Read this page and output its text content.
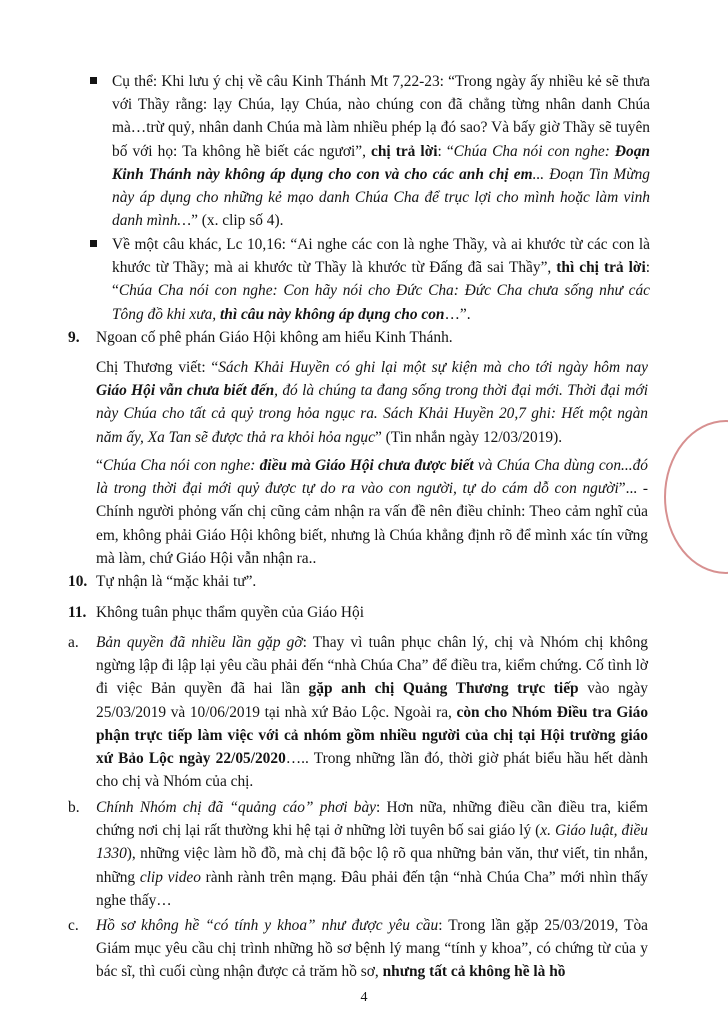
Cụ thể: Khi lưu ý chị về câu Kinh Thánh Mt 7,22-23: “Trong ngày ấy nhiều kẻ sẽ thưa với Thầy rằng: lạy Chúa, lạy Chúa, nào chúng con đã chẳng từng nhân danh Chúa mà…trừ quỷ, nhân danh Chúa mà làm nhiều phép lạ đó sao? Và bấy giờ Thầy sẽ tuyên bố với họ: Ta không hề biết các ngươi”, chị trả lời: “Chúa Cha nói con nghe: Đoạn Kinh Thánh này không áp dụng cho con và cho các anh chị em... Đoạn Tin Mừng này áp dụng cho những kẻ mạo danh Chúa Cha để trục lợi cho mình hoặc làm vinh danh mình…” (x. clip số 4).
Về một câu khác, Lc 10,16: “Ai nghe các con là nghe Thầy, và ai khước từ các con là khước từ Thầy; mà ai khước từ Thầy là khước từ Đấng đã sai Thầy”, thì chị trả lời: “Chúa Cha nói con nghe: Con hãy nói cho Đức Cha: Đức Cha chưa sống như các Tông đồ khi xưa, thì câu này không áp dụng cho con…”.
9. Ngoan cố phê phán Giáo Hội không am hiểu Kinh Thánh.
Chị Thương viết: “Sách Khải Huyền có ghi lại một sự kiện mà cho tới ngày hôm nay Giáo Hội vẫn chưa biết đến, đó là chúng ta đang sống trong thời đại mới. Thời đại mới này Chúa cho tất cả quỷ trong hỏa ngục ra. Sách Khải Huyền 20,7 ghi: Hết một ngàn năm ấy, Xa Tan sẽ được thả ra khỏi hỏa ngục” (Tin nhắn ngày 12/03/2019).
“Chúa Cha nói con nghe: điều mà Giáo Hội chưa được biết và Chúa Cha dùng con...đó là trong thời đại mới quỷ được tự do ra vào con người, tự do cám dỗ con người”... - Chính người phỏng vấn chị cũng cảm nhận ra vấn đề nên điều chỉnh: Theo cảm nghĩ của em, không phải Giáo Hội không biết, nhưng là Chúa khẳng định rõ để mình xác tín vững mà làm, chứ Giáo Hội vẫn nhận ra..
10. Tự nhận là “mặc khải tư”.
11. Không tuân phục thẩm quyền của Giáo Hội
a. Bản quyền đã nhiều lần gặp gỡ: Thay vì tuân phục chân lý, chị và Nhóm chị không ngừng lập đi lập lại yêu cầu phải đến “nhà Chúa Cha” để điều tra, kiểm chứng. Cố tình lờ đi việc Bản quyền đã hai lần gặp anh chị Quảng Thương trực tiếp vào ngày 25/03/2019 và 10/06/2019 tại nhà xứ Bảo Lộc. Ngoài ra, còn cho Nhóm Điều tra Giáo phận trực tiếp làm việc với cả nhóm gồm nhiều người của chị tại Hội trường giáo xứ Bảo Lộc ngày 22/05/2020….. Trong những lần đó, thời giờ phát biểu hầu hết dành cho chị và Nhóm của chị.
b. Chính Nhóm chị đã “quảng cáo” phơi bày: Hơn nữa, những điều cần điều tra, kiểm chứng nơi chị lại rất thường khi hệ tại ở những lời tuyên bố sai giáo lý (x. Giáo luật, điều 1330), những việc làm hồ đồ, mà chị đã bộc lộ rõ qua những bản văn, thư viết, tin nhắn, những clip video rành rành trên mạng. Đâu phải đến tận “nhà Chúa Cha” mới nhìn thấy nghe thấy…
c. Hồ sơ không hề “có tính y khoa” như được yêu cầu: Trong lần gặp 25/03/2019, Tòa Giám mục yêu cầu chị trình những hồ sơ bệnh lý mang “tính y khoa”, có chứng từ của y bác sĩ, thì cuối cùng nhận được cả trăm hồ sơ, nhưng tất cả không hề là hồ
4
